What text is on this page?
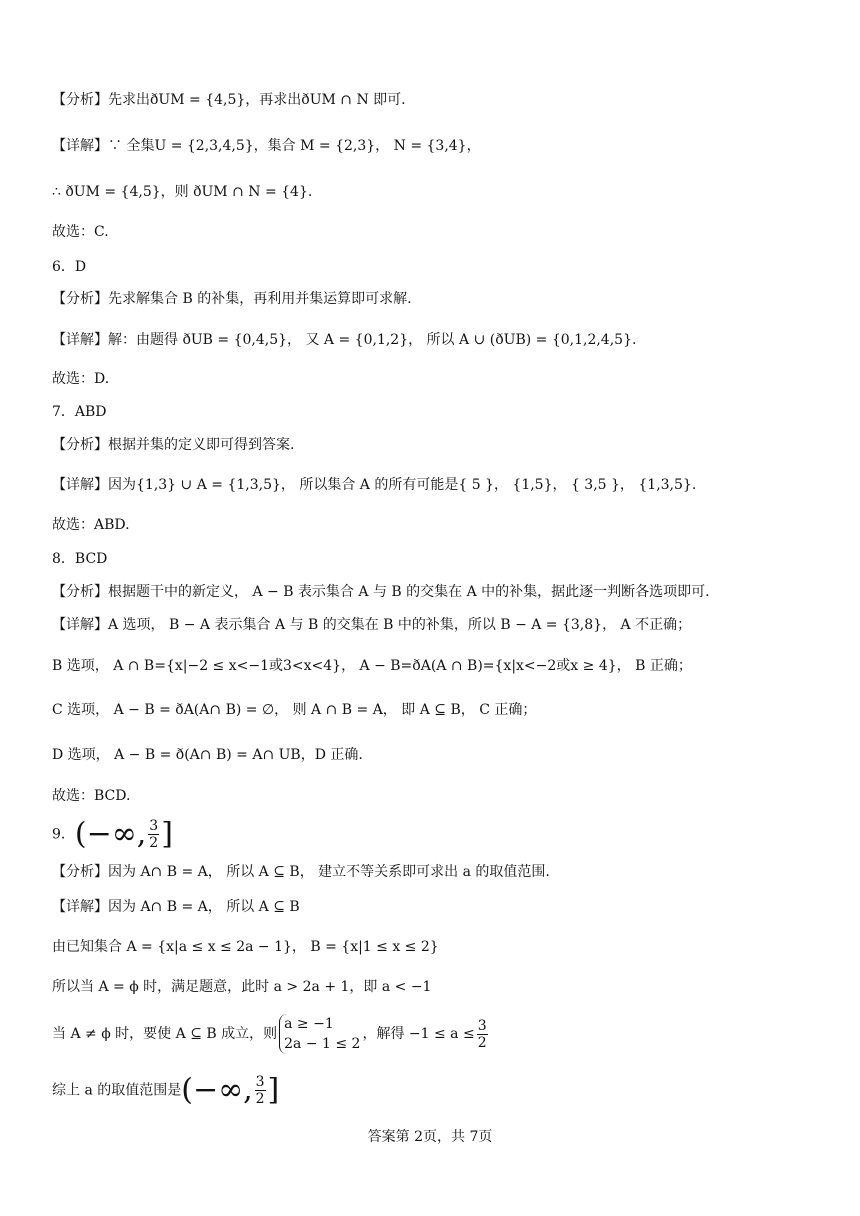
【分析】先求出ðUM = {4,5}，再求出ðUM ∩ N 即可.
【详解】∵ 全集U = {2,3,4,5}，集合 M = {2,3}， N = {3,4}，
∴ ðUM = {4,5}，则 ðUM ∩ N = {4}.
故选：C.
6．D
【分析】先求解集合 B 的补集，再利用并集运算即可求解.
【详解】解：由题得 ðUB = {0,4,5}， 又 A = {0,1,2}， 所以 A ∪ (ðUB) = {0,1,2,4,5}.
故选：D.
7．ABD
【分析】根据并集的定义即可得到答案.
【详解】因为{1,3} ∪ A = {1,3,5}， 所以集合 A 的所有可能是{ 5 }， {1,5}， { 3,5 }， {1,3,5}.
故选：ABD.
8．BCD
【分析】根据题干中的新定义， A − B 表示集合 A 与 B 的交集在 A 中的补集，据此逐一判断各选项即可.
【详解】A 选项， B − A 表示集合 A 与 B 的交集在 B 中的补集，所以 B − A = {3,8}， A 不正确；
B 选项， A ∩ B={x|−2 ≤ x<−1或3<x<4}， A − B=ðA(A ∩ B)={x|x<−2或x ≥ 4}， B 正确；
C 选项， A − B = ðA(A∩ B) = ∅， 则 A ∩ B = A， 即 A ⊆ B， C 正确；
D 选项， A − B = ð(A∩ B) = A∩ UB，D 正确.
故选：BCD.
9．(−∞, $\frac{3}{2}$ ]
【分析】因为 A∩ B = A， 所以 A ⊆ B， 建立不等关系即可求出 a 的取值范围.
【详解】因为 A∩ B = A， 所以 A ⊆ B
由已知集合 A = {x|a ≤ x ≤ 2a − 1}， B = {x|1 ≤ x ≤ 2}
所以当 A = ϕ 时，满足题意，此时 a > 2a + 1，即 a < −1
当 A ≠ ϕ 时，要使 A ⊆ B 成立，则
a ≥ −1
2a − 1 ≤ 2
，解得 $-1 \le a \le \frac{3}{2}$
综上 a 的取值范围是(−∞, $\frac{3}{2}$ ]
答案第 2页，共 7页
